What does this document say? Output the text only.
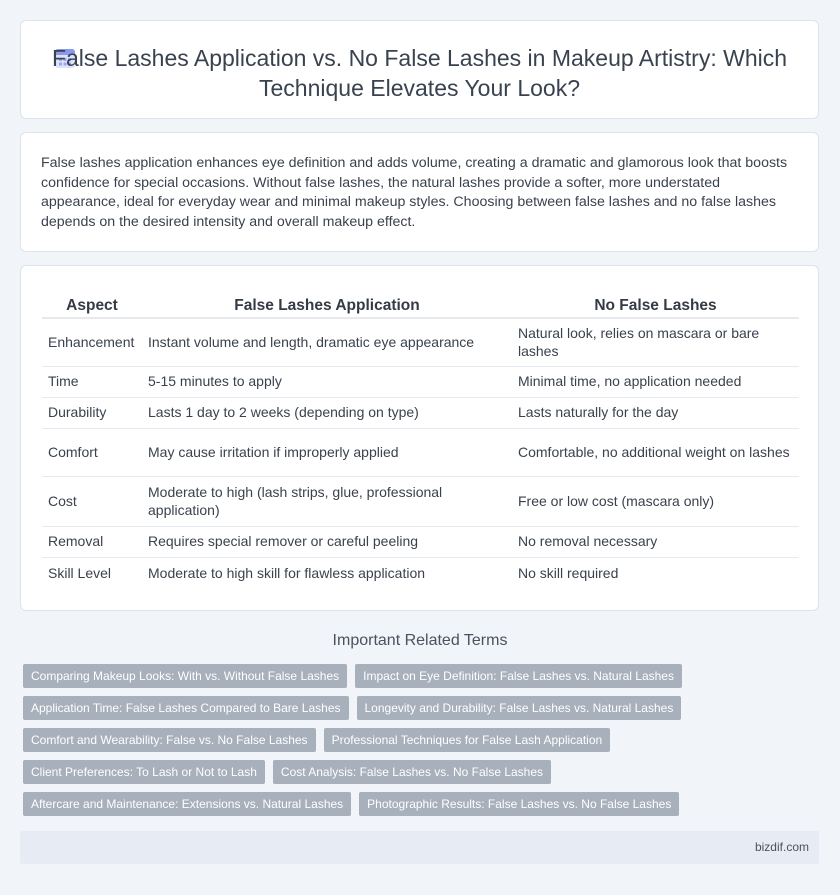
False Lashes Application vs. No False Lashes in Makeup Artistry: Which Technique Elevates Your Look?

False lashes application enhances eye definition and adds volume, creating a dramatic and glamorous look that boosts confidence for special occasions. Without false lashes, the natural lashes provide a softer, more understated appearance, ideal for everyday wear and minimal makeup styles. Choosing between false lashes and no false lashes depends on the desired intensity and overall makeup effect.

Aspect	False Lashes Application	No False Lashes
Enhancement	Instant volume and length, dramatic eye appearance	Natural look, relies on mascara or bare lashes
Time	5-15 minutes to apply	Minimal time, no application needed
Durability	Lasts 1 day to 2 weeks (depending on type)	Lasts naturally for the day
Comfort	May cause irritation if improperly applied	Comfortable, no additional weight on lashes
Cost	Moderate to high (lash strips, glue, professional application)	Free or low cost (mascara only)
Removal	Requires special remover or careful peeling	No removal necessary
Skill Level	Moderate to high skill for flawless application	No skill required
Important Related Terms
Comparing Makeup Looks: With vs. Without False Lashes	Impact on Eye Definition: False Lashes vs. Natural Lashes
Application Time: False Lashes Compared to Bare Lashes	Longevity and Durability: False Lashes vs. Natural Lashes
Comfort and Wearability: False vs. No False Lashes	Professional Techniques for False Lash Application
Client Preferences: To Lash or Not to Lash	Cost Analysis: False Lashes vs. No False Lashes
Aftercare and Maintenance: Extensions vs. Natural Lashes	Photographic Results: False Lashes vs. No False Lashes
bizdif.com
